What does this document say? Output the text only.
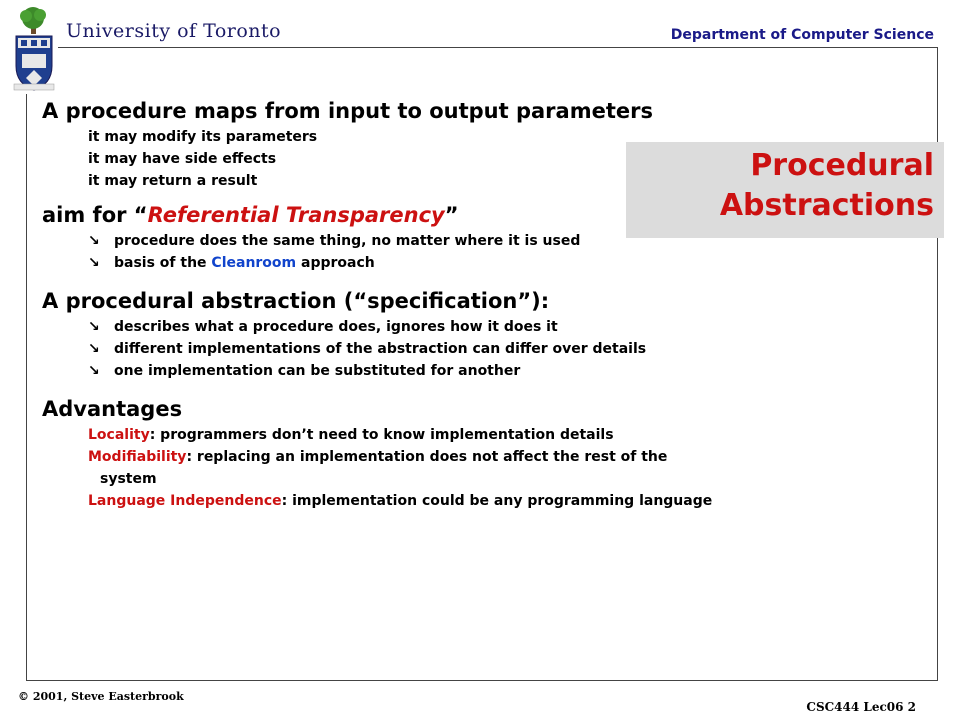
University of Toronto	Department of Computer Science
A procedure maps from input to output parameters
it may modify its parameters
it may have side effects
it may return a result
aim for “Referential Transparency”
↘ procedure does the same thing, no matter where it is used
↘ basis of the Cleanroom approach
A procedural abstraction (“specification”):
↘ describes what a procedure does, ignores how it does it
↘ different implementations of the abstraction can differ over details
↘ one implementation can be substituted for another
Advantages
Locality: programmers don’t need to know implementation details
Modifiability: replacing an implementation does not affect the rest of the
system
Language Independence: implementation could be any programming language
Procedural
Abstractions
© 2001, Steve Easterbrook
CSC444 Lec06 2
